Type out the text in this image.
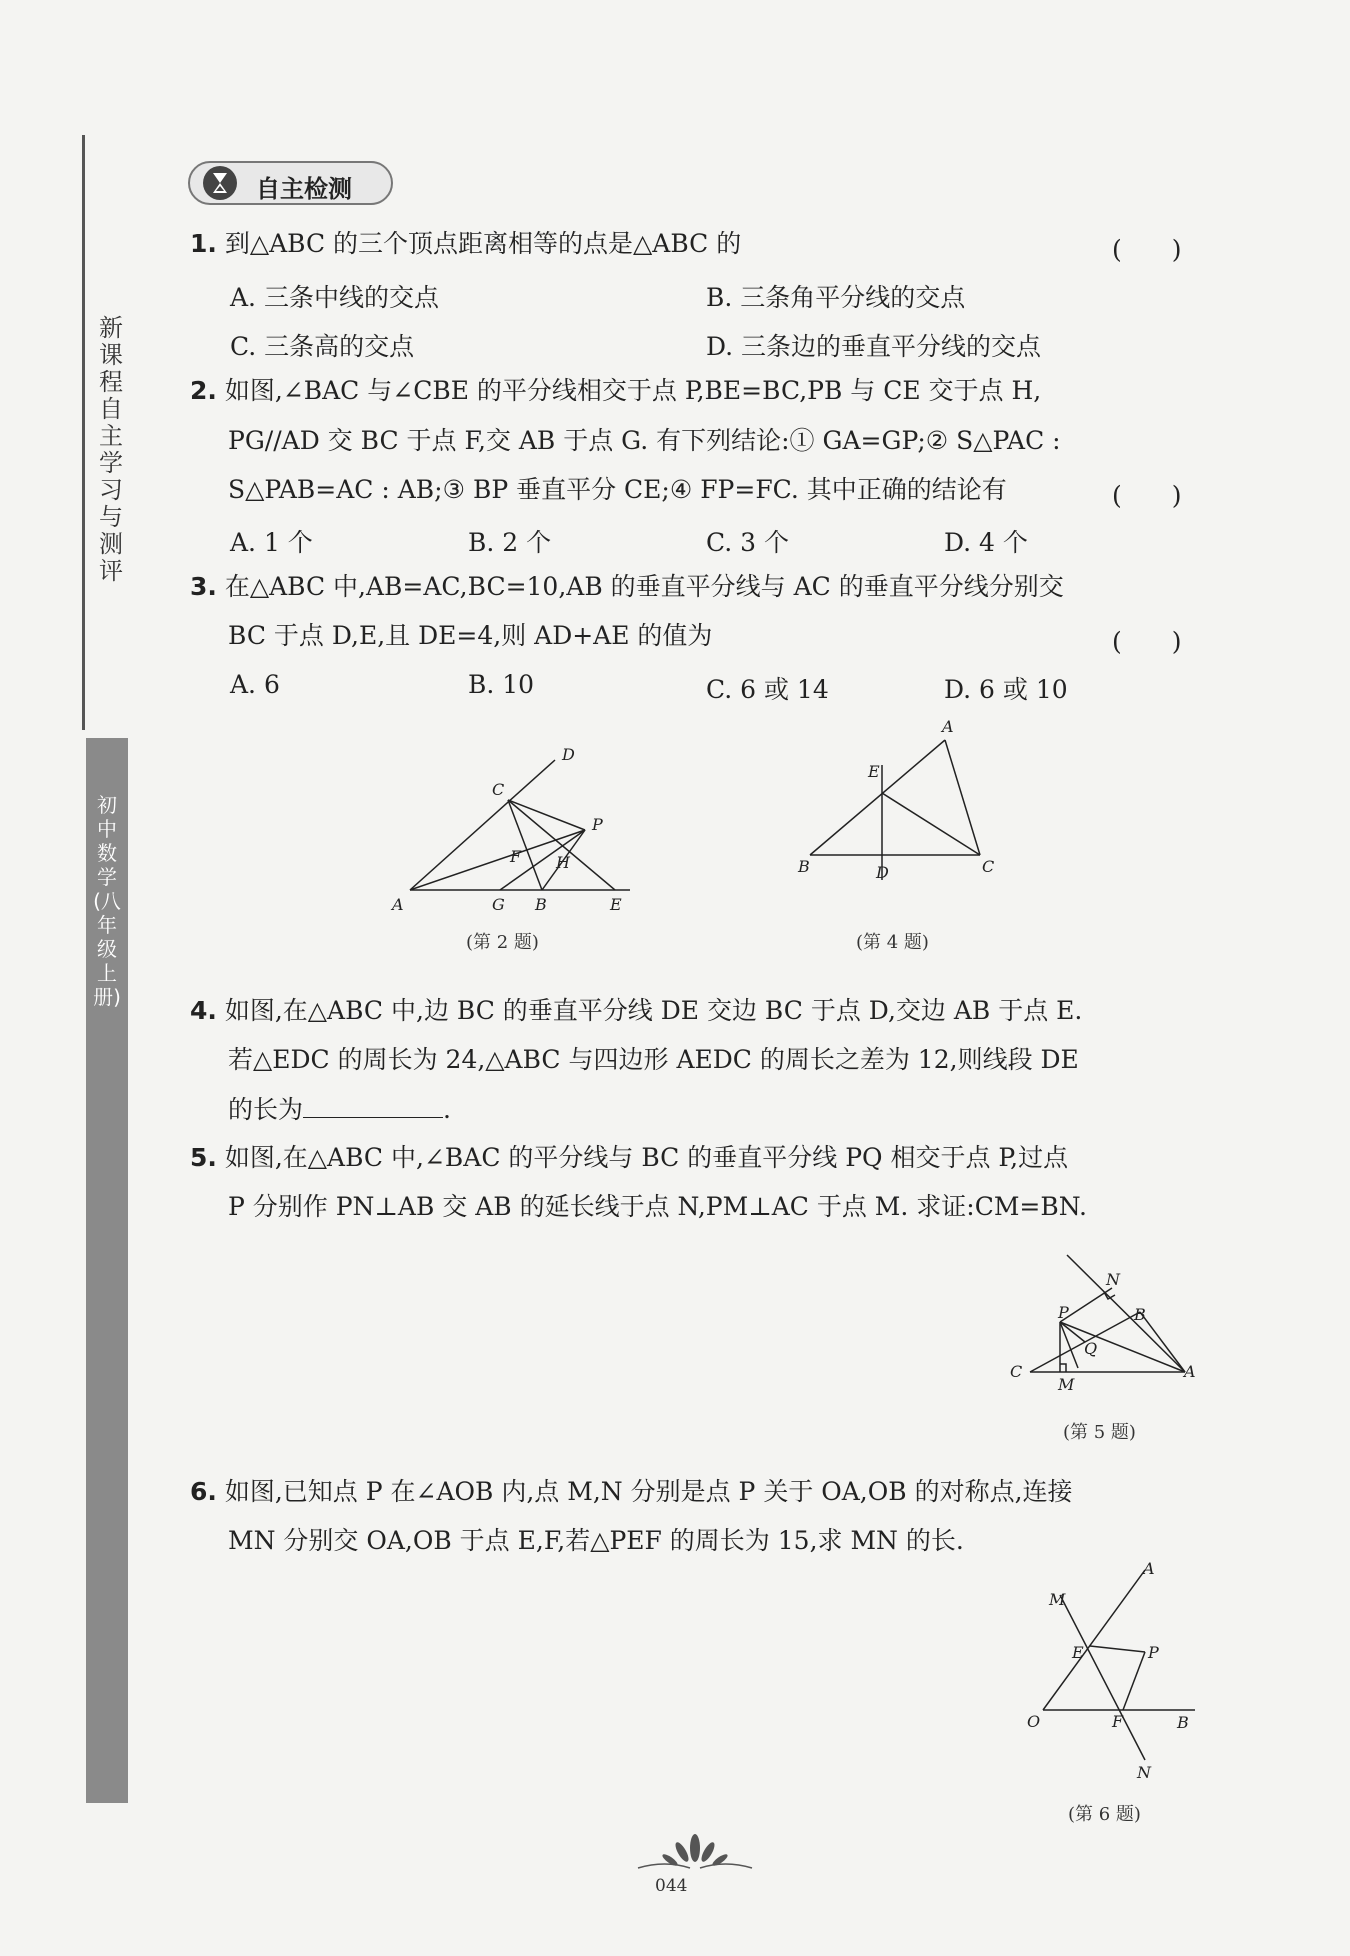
新课程自主学习与测评
初中数学(八年级上册)
自主检测
1. 到△ABC 的三个顶点距离相等的点是△ABC 的	(　　)
A. 三条中线的交点	B. 三条角平分线的交点
C. 三条高的交点	D. 三条边的垂直平分线的交点
2. 如图,∠BAC 与∠CBE 的平分线相交于点 P,BE=BC,PB 与 CE 交于点 H,
PG//AD 交 BC 于点 F,交 AB 于点 G. 有下列结论:① GA=GP;② S△PAC :
S△PAB=AC : AB;③ BP 垂直平分 CE;④ FP=FC. 其中正确的结论有	(　　)
A. 1 个	B. 2 个	C. 3 个	D. 4 个
3. 在△ABC 中,AB=AC,BC=10,AB 的垂直平分线与 AC 的垂直平分线分别交
BC 于点 D,E,且 DE=4,则 AD+AE 的值为	(　　)
A. 6	B. 10	C. 6 或 14	D. 6 或 10
A	G B	E
C
D
P
F H
(第 2 题)
A
E
B	D	C
(第 4 题)
4. 如图,在△ABC 中,边 BC 的垂直平分线 DE 交边 BC 于点 D,交边 AB 于点 E.
若△EDC 的周长为 24,△ABC 与四边形 AEDC 的周长之差为 12,则线段 DE
的长为	.
5. 如图,在△ABC 中,∠BAC 的平分线与 BC 的垂直平分线 PQ 相交于点 P,过点
P 分别作 PN⊥AB 交 AB 的延长线于点 N,PM⊥AC 于点 M. 求证:CM=BN.
N
P	B
Q
C
M
A
(第 5 题)
6. 如图,已知点 P 在∠AOB 内,点 M,N 分别是点 P 关于 OA,OB 的对称点,连接
MN 分别交 OA,OB 于点 E,F,若△PEF 的周长为 15,求 MN 的长.
A
M
E	P
O	F	B
N
(第 6 题)
044
